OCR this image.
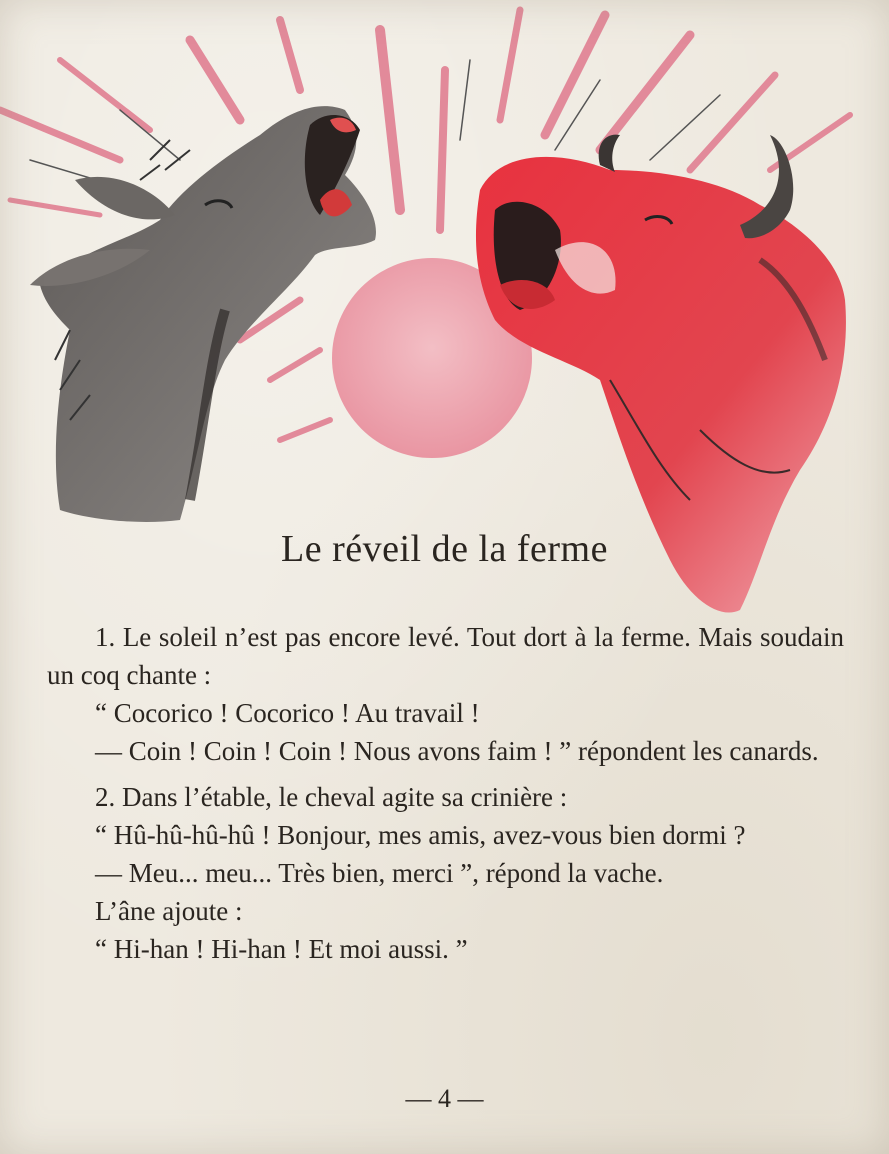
Le réveil de la ferme

1. Le soleil n’est pas encore levé. Tout dort à la ferme. Mais soudain un coq chante :

“ Cocorico ! Cocorico ! Au travail !

— Coin ! Coin ! Coin ! Nous avons faim ! ” répondent les canards.

2. Dans l’étable, le cheval agite sa crinière :

“ Hû-hû-hû-hû ! Bonjour, mes amis, avez-vous bien dormi ?

— Meu... meu... Très bien, merci ”, répond la vache.

L’âne ajoute :

“ Hi-han ! Hi-han ! Et moi aussi. ”

— 4 —
